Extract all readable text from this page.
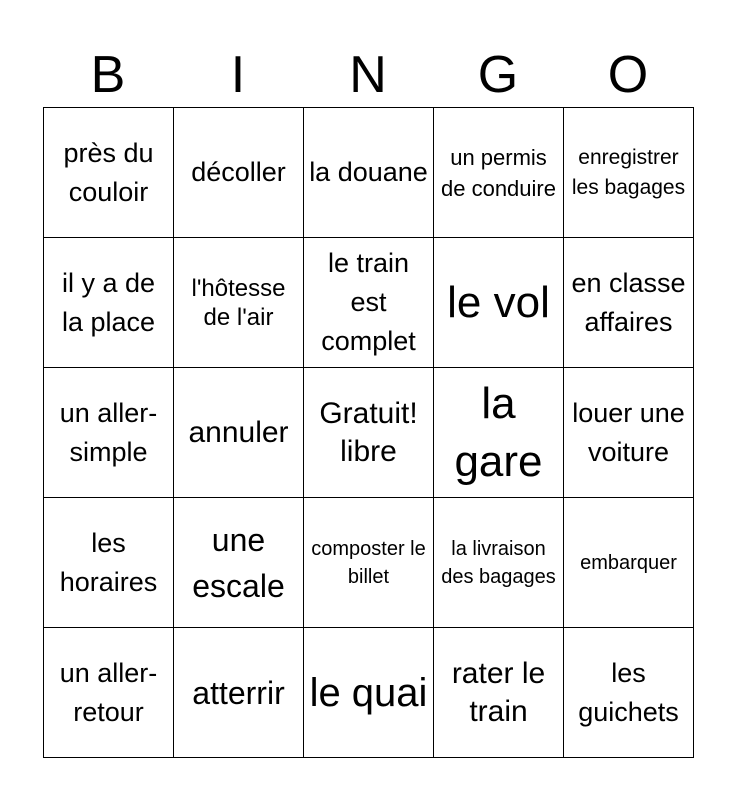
B	I	N	G	O
près du couloir	décoller	la douane	un permis de conduire	enregistrer les bagages

il y a de la place	l'hôtesse de l'air	le train est complet	le vol	en classe affaires

un aller-simple	annuler	Gratuit! libre	la gare	louer une voiture

les horaires	une escale	composter le billet	la livraison des bagages	embarquer

un aller-retour	atterrir	le quai	rater le train	les guichets
